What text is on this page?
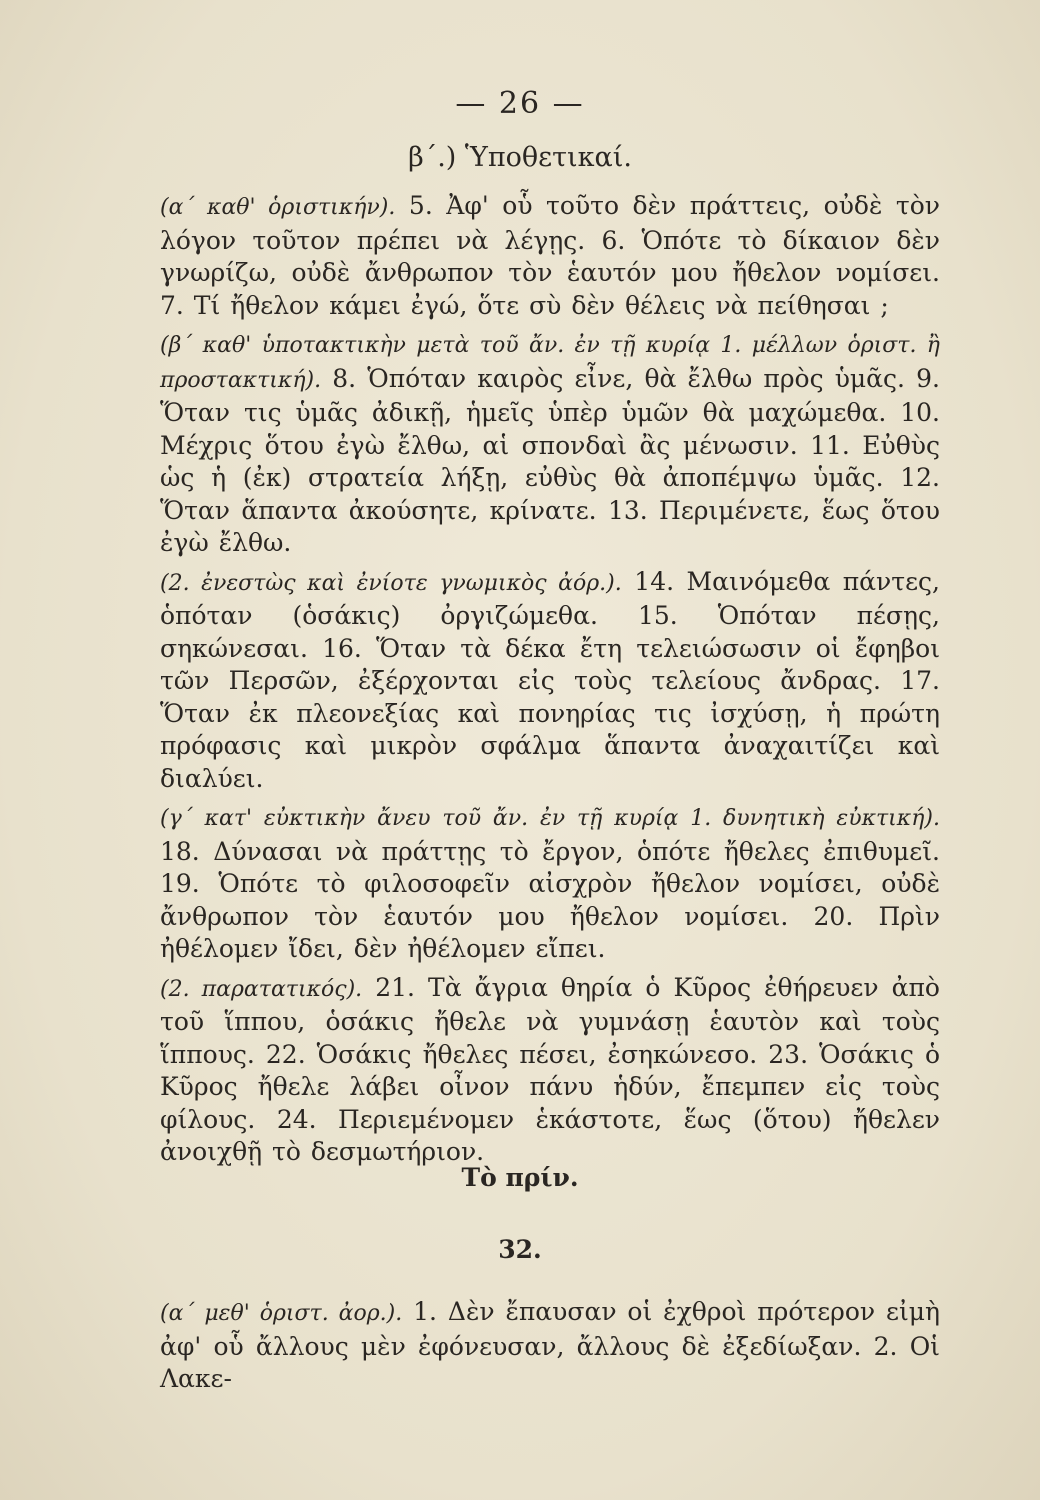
— 26 —
β΄.) Ὑποθετικαί.

(α΄ καθ' ὁριστικήν). 5. Ἀφ' οὗ τοῦτο δὲν πράττεις, οὐδὲ τὸν λόγον τοῦτον πρέπει νὰ λέγῃς. 6. Ὁπότε τὸ δίκαιον δὲν γνωρίζω, οὐδὲ ἄνθρωπον τὸν ἑαυτόν μου ἤθελον νομίσει. 7. Τί ἤθελον κάμει ἐγώ, ὅτε σὺ δὲν θέλεις νὰ πείθησαι ;

(β΄ καθ' ὑποτακτικὴν μετὰ τοῦ ἄν. ἐν τῇ κυρίᾳ 1. μέλλων ὁριστ. ἢ προστακτική). 8. Ὁπόταν καιρὸς εἶνε, θὰ ἔλθω πρὸς ὑμᾶς. 9. Ὅταν τις ὑμᾶς ἀδικῇ, ἡμεῖς ὑπὲρ ὑμῶν θὰ μαχώμεθα. 10. Μέχρις ὅτου ἐγὼ ἔλθω, αἱ σπονδαὶ ἂς μένωσιν. 11. Εὐθὺς ὡς ἡ (ἐκ) στρατεία λήξῃ, εὐθὺς θὰ ἀποπέμψω ὑμᾶς. 12. Ὅταν ἅπαντα ἀκούσητε, κρίνατε. 13. Περιμένετε, ἕως ὅτου ἐγὼ ἔλθω.

(2. ἐνεστὼς καὶ ἐνίοτε γνωμικὸς ἀόρ.). 14. Μαινόμεθα πάντες, ὁπόταν (ὁσάκις) ὀργιζώμεθα. 15. Ὁπόταν πέσῃς, σηκώνεσαι. 16. Ὅταν τὰ δέκα ἔτη τελειώσωσιν οἱ ἔφηβοι τῶν Περσῶν, ἐξέρχονται εἰς τοὺς τελείους ἄνδρας. 17. Ὅταν ἐκ πλεονεξίας καὶ πονηρίας τις ἰσχύσῃ, ἡ πρώτη πρόφασις καὶ μικρὸν σφάλμα ἅπαντα ἀναχαιτίζει καὶ διαλύει.

(γ΄ κατ' εὐκτικὴν ἄνευ τοῦ ἄν. ἐν τῇ κυρίᾳ 1. δυνητικὴ εὐκτική). 18. Δύνασαι νὰ πράττῃς τὸ ἔργον, ὁπότε ἤθελες ἐπιθυμεῖ. 19. Ὁπότε τὸ φιλοσοφεῖν αἰσχρὸν ἤθελον νομίσει, οὐδὲ ἄνθρωπον τὸν ἑαυτόν μου ἤθελον νομίσει. 20. Πρὶν ἠθέλομεν ἴδει, δὲν ἠθέλομεν εἴπει.

(2. παρατατικός). 21. Τὰ ἄγρια θηρία ὁ Κῦρος ἐθήρευεν ἀπὸ τοῦ ἵππου, ὁσάκις ἤθελε νὰ γυμνάσῃ ἑαυτὸν καὶ τοὺς ἵππους. 22. Ὁσάκις ἤθελες πέσει, ἐσηκώνεσο. 23. Ὁσάκις ὁ Κῦρος ἤθελε λάβει οἶνον πάνυ ἡδύν, ἔπεμπεν εἰς τοὺς φίλους. 24. Περιεμένομεν ἑκάστοτε, ἕως (ὅτου) ἤθελεν ἀνοιχθῇ τὸ δεσμωτήριον.

Τὸ πρίν.
32.

(α΄ μεθ' ὁριστ. ἀορ.). 1. Δὲν ἔπαυσαν οἱ ἐχθροὶ πρότερον εἰμὴ ἀφ' οὗ ἄλλους μὲν ἐφόνευσαν, ἄλλους δὲ ἐξεδίωξαν. 2. Οἱ Λακε-
